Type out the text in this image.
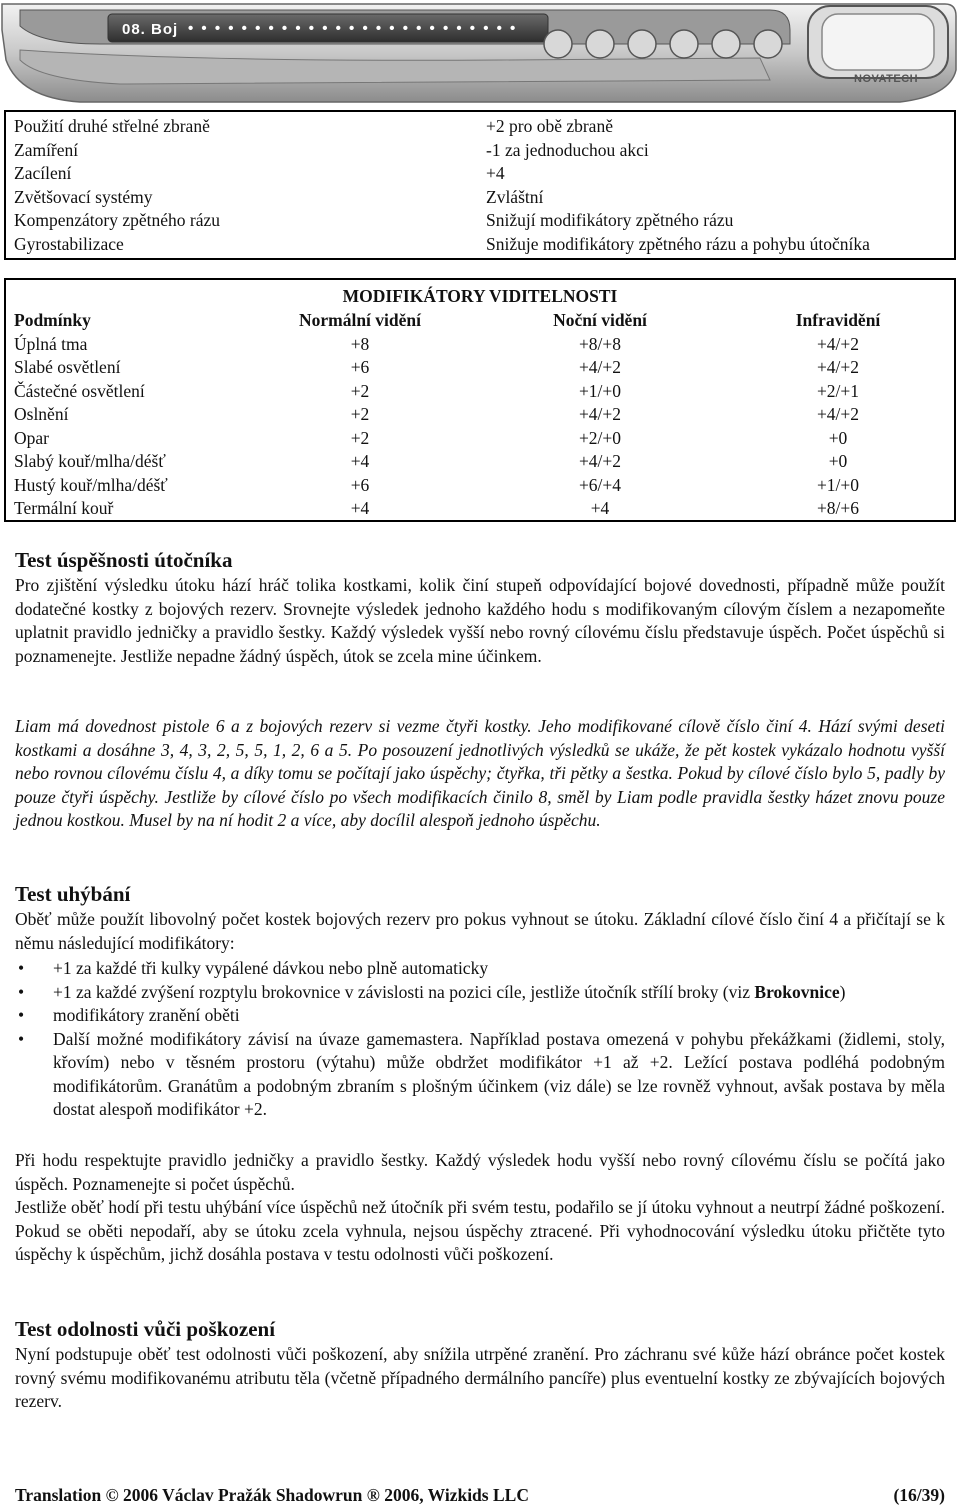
08. Boj • • • • • • • • • • • • • • • • • • • • • • • • •
NOVATECH
Použití druhé střelné zbraně	+2 pro obě zbraně
Zamíření	-1 za jednoduchou akci
Zacílení	+4
Zvětšovací systémy	Zvláštní
Kompenzátory zpětného rázu	Snižují modifikátory zpětného rázu
Gyrostabilizace	Snižuje modifikátory zpětného rázu a pohybu útočníka
MODIFIKÁTORY VIDITELNOSTI
Podmínky	Normální vidění	Noční vidění	Infravidění
Úplná tma	+8	+8/+8	+4/+2
Slabé osvětlení	+6	+4/+2	+4/+2
Částečné osvětlení	+2	+1/+0	+2/+1
Oslnění	+2	+4/+2	+4/+2
Opar	+2	+2/+0	+0
Slabý kouř/mlha/déšť	+4	+4/+2	+0
Hustý kouř/mlha/déšť	+6	+6/+4	+1/+0
Termální kouř	+4	+4	+8/+6
Test úspěšnosti útočníka
Pro zjištění výsledku útoku hází hráč tolika kostkami, kolik činí stupeň odpovídající bojové dovednosti, případně může použít dodatečné kostky z bojových rezerv. Srovnejte výsledek jednoho každého hodu s modifikovaným cílovým číslem a nezapomeňte uplatnit pravidlo jedničky a pravidlo šestky. Každý výsledek vyšší nebo rovný cílovému číslu představuje úspěch. Počet úspěchů si poznamenejte. Jestliže nepadne žádný úspěch, útok se zcela mine účinkem.
Liam má dovednost pistole 6 a z bojových rezerv si vezme čtyři kostky. Jeho modifikované cílově číslo činí 4. Hází svými deseti kostkami a dosáhne 3, 4, 3, 2, 5, 5, 1, 2, 6 a 5. Po posouzení jednotlivých výsledků se ukáže, že pět kostek vykázalo hodnotu vyšší nebo rovnou cílovému číslu 4, a díky tomu se počítají jako úspěchy; čtyřka, tři pětky a šestka. Pokud by cílové číslo bylo 5, padly by pouze čtyři úspěchy. Jestliže by cílové číslo po všech modifikacích činilo 8, směl by Liam podle pravidla šestky házet znovu pouze jednou kostkou. Musel by na ní hodit 2 a více, aby docílil alespoň jednoho úspěchu.
Test uhýbání
Oběť může použít libovolný počet kostek bojových rezerv pro pokus vyhnout se útoku. Základní cílové číslo činí 4 a přičítají se k němu následující modifikátory:
• +1 za každé tři kulky vypálené dávkou nebo plně automaticky
• +1 za každé zvýšení rozptylu brokovnice v závislosti na pozici cíle, jestliže útočník střílí broky (viz Brokovnice)
• modifikátory zranění oběti
• Další možné modifikátory závisí na úvaze gamemastera. Například postava omezená v pohybu překážkami (židlemi, stoly, křovím) nebo v těsném prostoru (výtahu) může obdržet modifikátor +1 až +2. Ležící postava podléhá podobným modifikátorům. Granátům a podobným zbraním s plošným účinkem (viz dále) se lze rovněž vyhnout, avšak postava by měla dostat alespoň modifikátor +2.
Při hodu respektujte pravidlo jedničky a pravidlo šestky. Každý výsledek hodu vyšší nebo rovný cílovému číslu se počítá jako úspěch. Poznamenejte si počet úspěchů.
Jestliže oběť hodí při testu uhýbání více úspěchů než útočník při svém testu, podařilo se jí útoku vyhnout a neutrpí žádné poškození. Pokud se oběti nepodaří, aby se útoku zcela vyhnula, nejsou úspěchy ztracené. Při vyhodnocování výsledku útoku přičtěte tyto úspěchy k úspěchům, jichž dosáhla postava v testu odolnosti vůči poškození.
Test odolnosti vůči poškození
Nyní podstupuje oběť test odolnosti vůči poškození, aby snížila utrpěné zranění. Pro záchranu své kůže hází obránce počet kostek rovný svému modifikovanému atributu těla (včetně případného dermálního pancíře) plus eventuelní kostky ze zbývajících bojových rezerv.
Translation © 2006 Václav Pražák Shadowrun ® 2006, Wizkids LLC	(16/39)
